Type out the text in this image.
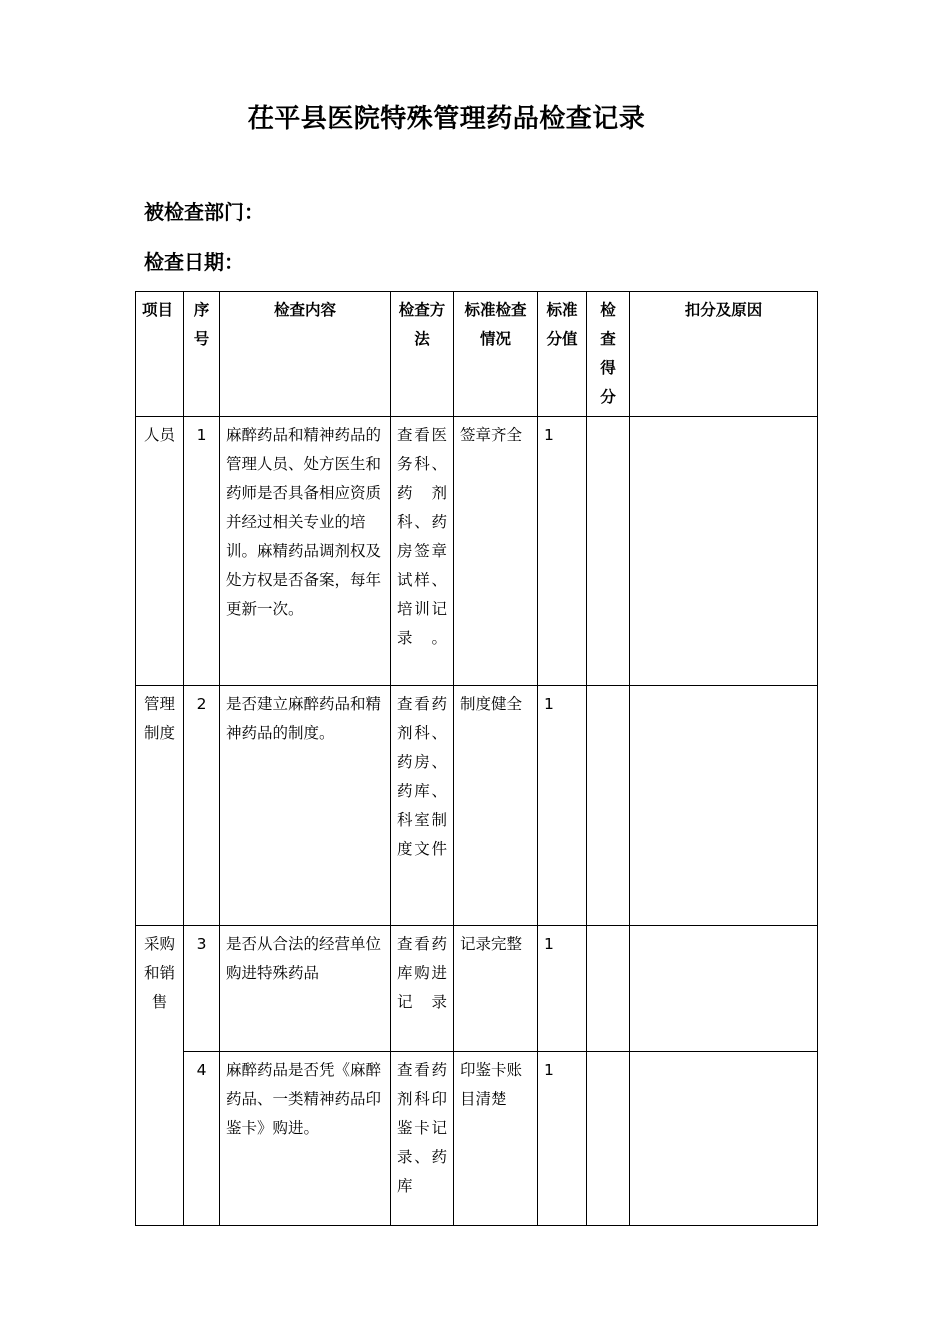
茌平县医院特殊管理药品检查记录
被检查部门：
检查日期：
项目	序号	检查内容	检查方法	标准检查情况	标准分值	检查得分	扣分及原因
人员	1	麻醉药品和精神药品的管理人员、处方医生和药师是否具备相应资质并经过相关专业的培训。麻精药品调剂权及处方权是否备案，每年更新一次。	查看医务科、药剂科、药房签章试样、培训记录。	签章齐全	1		
管理制度	2	是否建立麻醉药品和精神药品的制度。	查看药剂科、药房、药库、科室制度文件	制度健全	1		
采购和销售	3	是否从合法的经营单位购进特殊药品	查看药库购进记录	记录完整	1		
	4	麻醉药品是否凭《麻醉药品、一类精神药品印鉴卡》购进。	查看药剂科印鉴卡记录、药库	印鉴卡账目清楚	1		
